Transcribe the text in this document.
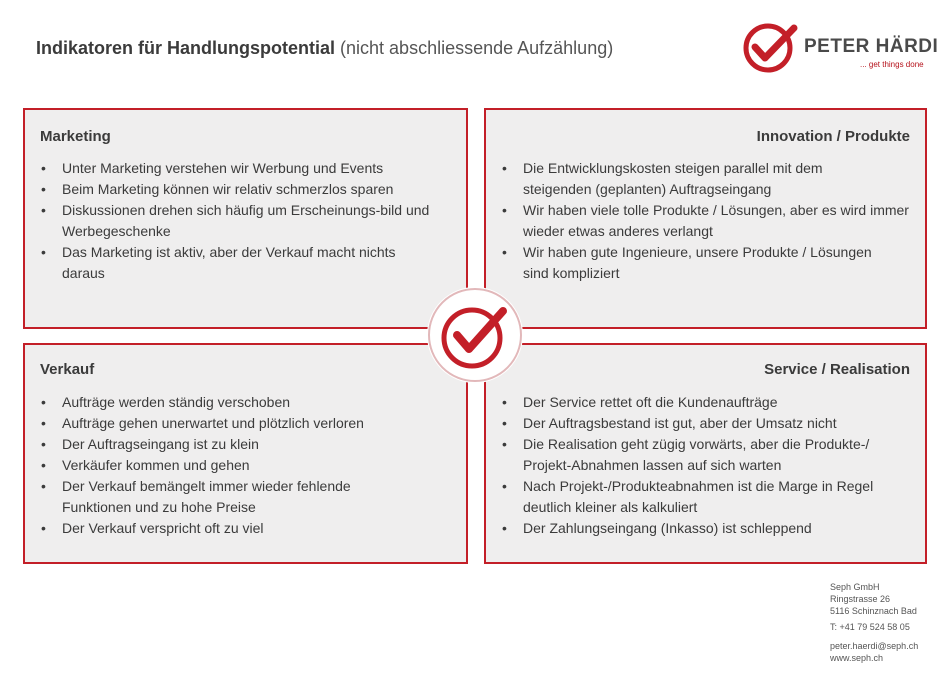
Indikatoren für Handlungspotential (nicht abschliessende Aufzählung)	PETER HÄRDI
... get things done
Marketing
• Unter Marketing verstehen wir Werbung und Events
• Beim Marketing können wir relativ schmerzlos sparen
• Diskussionen drehen sich häufig um Erscheinungs-bild und Werbegeschenke
• Das Marketing ist aktiv, aber der Verkauf macht nichts daraus
Innovation / Produkte
• Die Entwicklungskosten steigen parallel mit dem steigenden (geplanten) Auftragseingang
• Wir haben viele tolle Produkte / Lösungen, aber es wird immer wieder etwas anderes verlangt
• Wir haben gute Ingenieure, unsere Produkte / Lösungen sind kompliziert
Verkauf
• Aufträge werden ständig verschoben
• Aufträge gehen unerwartet und plötzlich verloren
• Der Auftragseingang ist zu klein
• Verkäufer kommen und gehen
• Der Verkauf bemängelt immer wieder fehlende Funktionen und zu hohe Preise
• Der Verkauf verspricht oft zu viel
Service / Realisation
• Der Service rettet oft die Kundenaufträge
• Der Auftragsbestand ist gut, aber der Umsatz nicht
• Die Realisation geht zügig vorwärts, aber die Produkte-/ Projekt-Abnahmen lassen auf sich warten
• Nach Projekt-/Produkteabnahmen ist die Marge in Regel deutlich kleiner als kalkuliert
• Der Zahlungseingang (Inkasso) ist schleppend
Seph GmbH
Ringstrasse 26
5116 Schinznach Bad
T: +41 79 524 58 05
peter.haerdi@seph.ch
www.seph.ch
